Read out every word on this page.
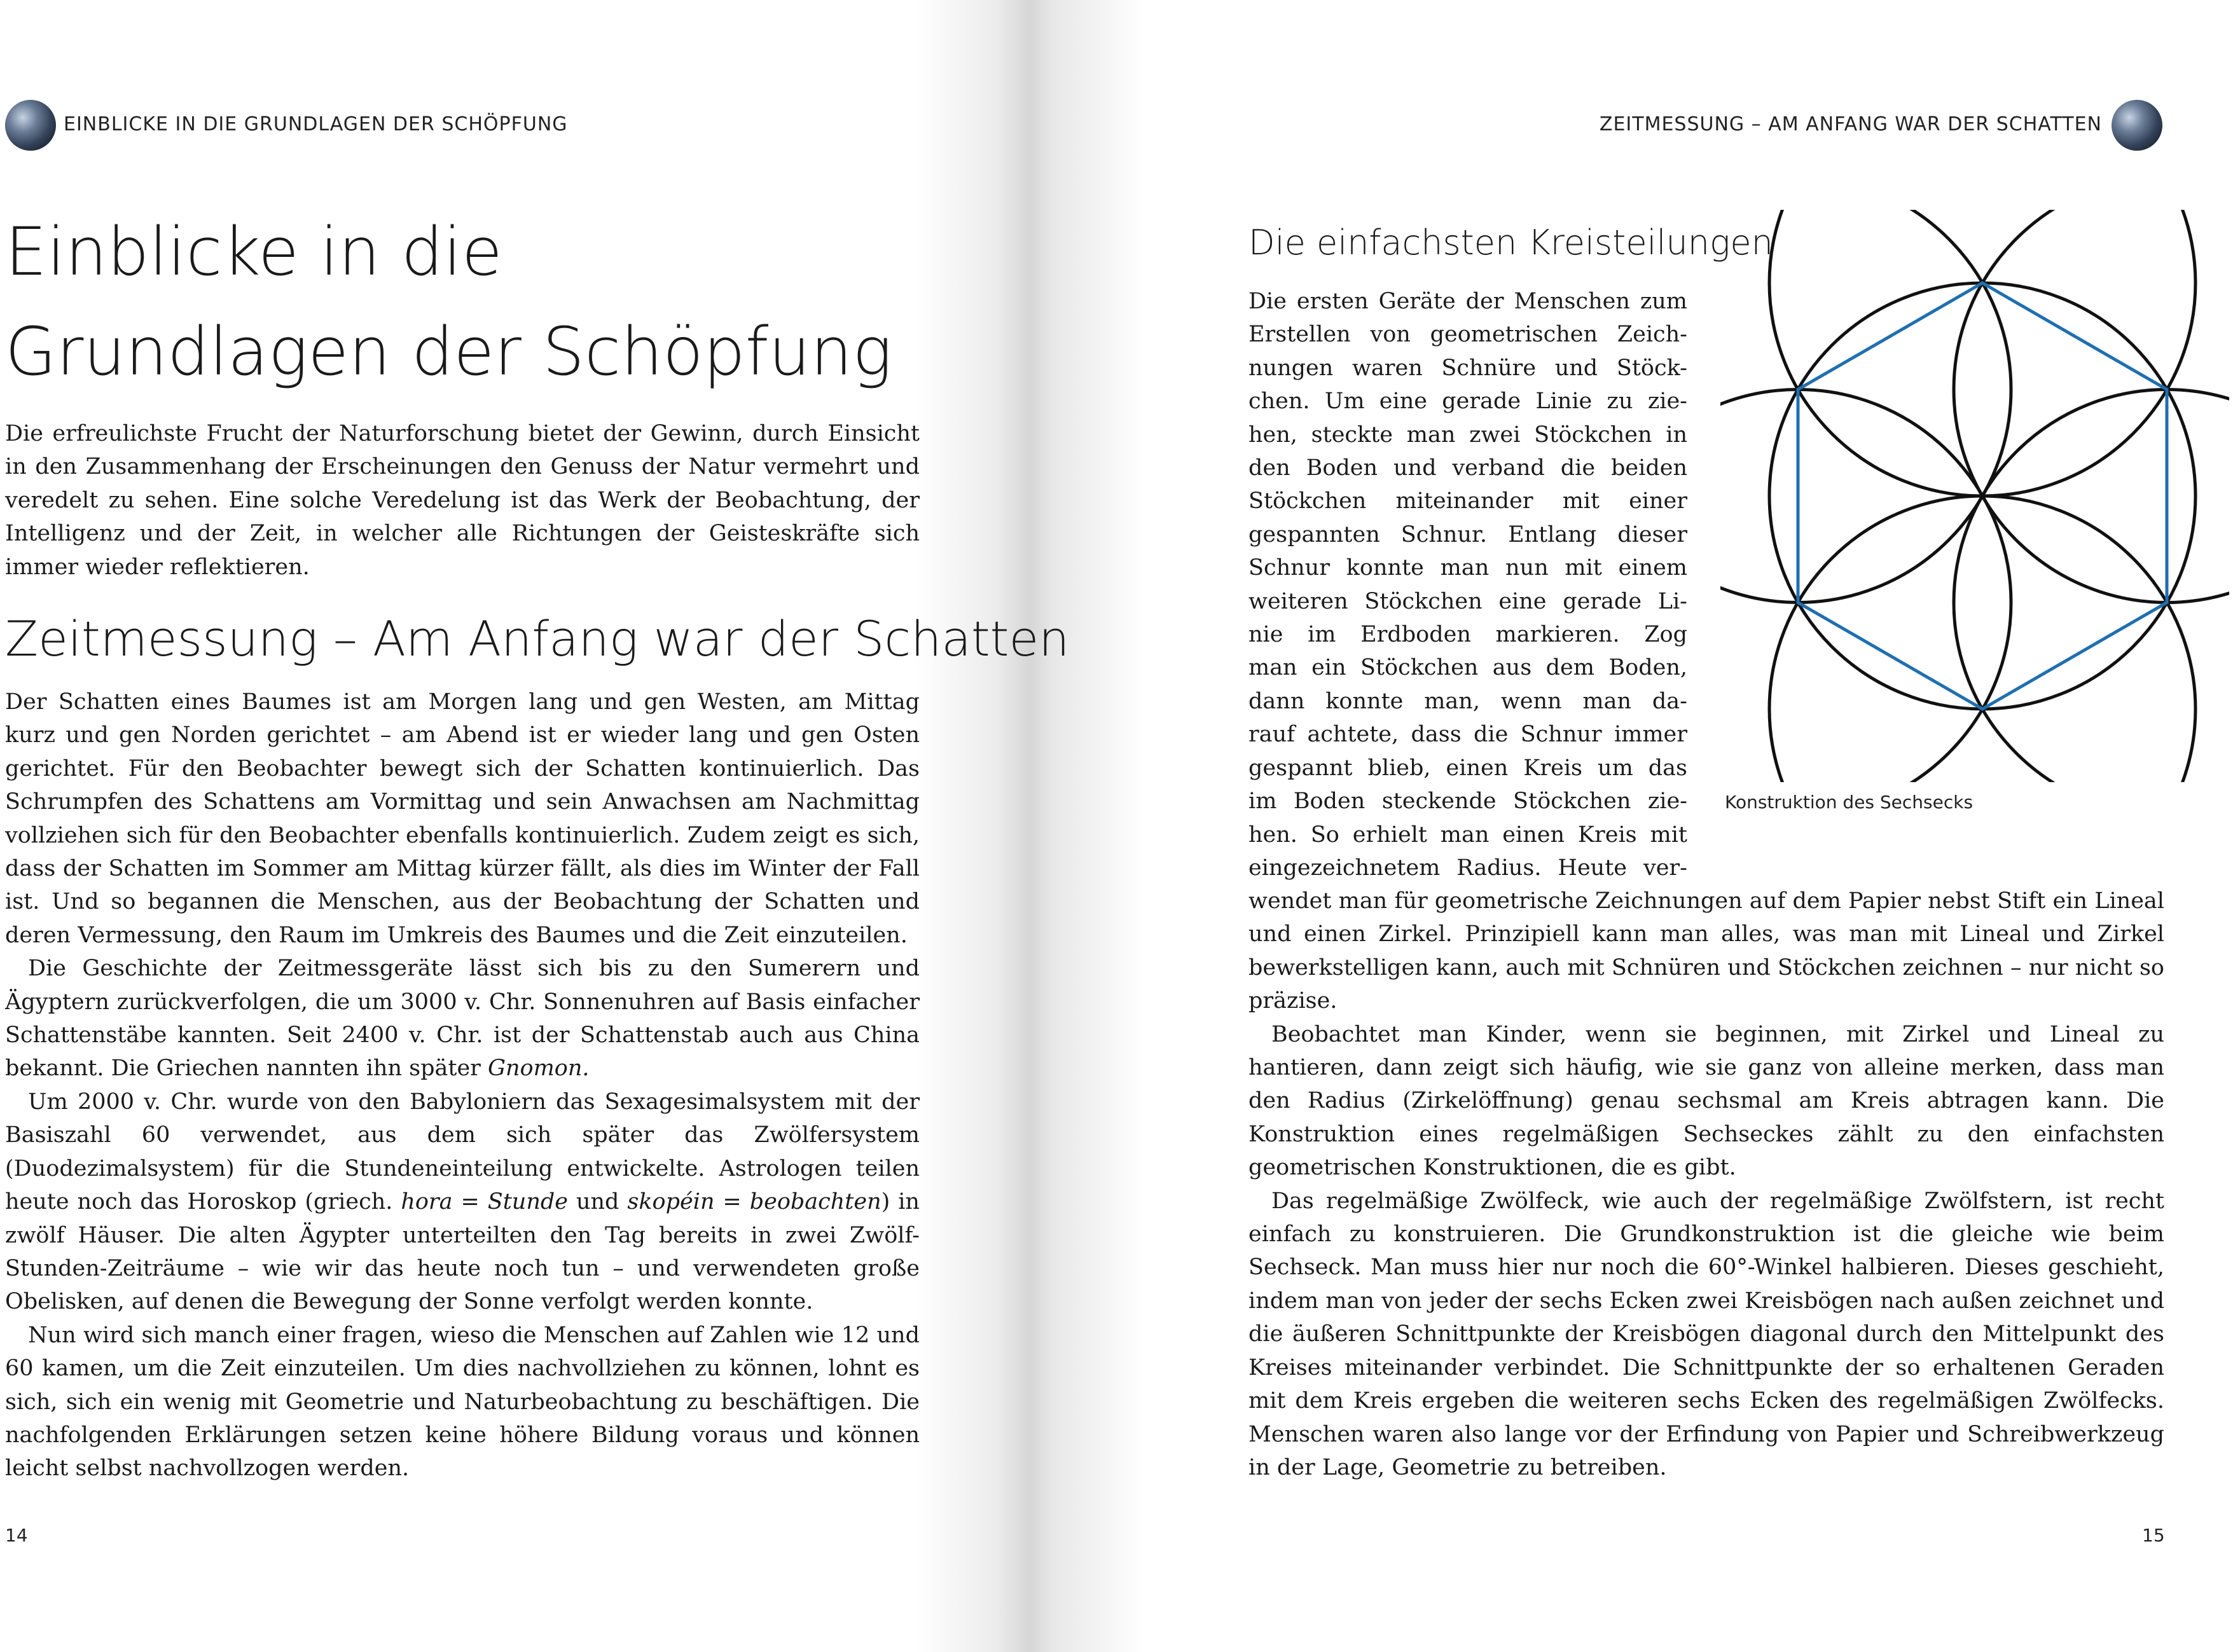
EINBLICKE IN DIE GRUNDLAGEN DER SCHÖPFUNG
Einblicke in die Grundlagen der Schöpfung

Die erfreulichste Frucht der Naturforschung bietet der Gewinn, durch Einsicht in den Zusammenhang der Erscheinungen den Genuss der Natur vermehrt und veredelt zu sehen. Eine solche Veredelung ist das Werk der Beobachtung, der Intelligenz und der Zeit, in welcher alle Richtungen der Geisteskräfte sich immer wieder reflektieren.

Zeitmessung – Am Anfang war der Schatten

Der Schatten eines Baumes ist am Morgen lang und gen Westen, am Mittag kurz und gen Norden gerichtet – am Abend ist er wieder lang und gen Osten gerichtet. Für den Beobachter bewegt sich der Schatten kontinuierlich. Das Schrumpfen des Schattens am Vormittag und sein Anwachsen am Nachmittag vollziehen sich für den Beobachter ebenfalls kontinuierlich. Zudem zeigt es sich, dass der Schatten im Sommer am Mittag kürzer fällt, als dies im Winter der Fall ist. Und so begannen die Menschen, aus der Beobachtung der Schatten und deren Vermessung, den Raum im Umkreis des Baumes und die Zeit einzuteilen.

Die Geschichte der Zeitmessgeräte lässt sich bis zu den Sumerern und Ägyptern zurückverfolgen, die um 3000 v. Chr. Sonnenuhren auf Basis einfacher Schattenstäbe kannten. Seit 2400 v. Chr. ist der Schattenstab auch aus China bekannt. Die Griechen nannten ihn später Gnomon.

Um 2000 v. Chr. wurde von den Babyloniern das Sexagesimalsystem mit der Basiszahl 60 verwendet, aus dem sich später das Zwölfersystem (Duodezimalsystem) für die Stundeneinteilung entwickelte. Astrologen teilen heute noch das Horoskop (griech. hora = Stunde und skopéin = beobachten) in zwölf Häuser. Die alten Ägypter unterteilten den Tag bereits in zwei Zwölf-Stunden-Zeiträume – wie wir das heute noch tun – und verwendeten große Obelisken, auf denen die Bewegung der Sonne verfolgt werden konnte.

Nun wird sich manch einer fragen, wieso die Menschen auf Zahlen wie 12 und 60 kamen, um die Zeit einzuteilen. Um dies nachvollziehen zu können, lohnt es sich, sich ein wenig mit Geometrie und Naturbeobachtung zu beschäftigen. Die nachfolgenden Erklärungen setzen keine höhere Bildung voraus und können leicht selbst nachvollzogen werden.

14
ZEITMESSUNG – AM ANFANG WAR DER SCHATTEN
Die einfachsten Kreisteilungen

Die ersten Geräte der Menschen zum
Erstellen von geometrischen Zeich-
nungen waren Schnüre und Stöck-
chen. Um eine gerade Linie zu zie-
hen, steckte man zwei Stöckchen in
den Boden und verband die beiden
Stöckchen miteinander mit einer
gespannten Schnur. Entlang dieser
Schnur konnte man nun mit einem
weiteren Stöckchen eine gerade Li-
nie im Erdboden markieren. Zog
man ein Stöckchen aus dem Boden,
dann konnte man, wenn man da-
rauf achtete, dass die Schnur immer
gespannt blieb, einen Kreis um das
im Boden steckende Stöckchen zie-
hen. So erhielt man einen Kreis mit
eingezeichnetem Radius. Heute ver-

wendet man für geometrische Zeichnungen auf dem Papier nebst Stift ein Lineal und einen Zirkel. Prinzipiell kann man alles, was man mit Lineal und Zirkel bewerkstelligen kann, auch mit Schnüren und Stöckchen zeichnen – nur nicht so präzise.

Beobachtet man Kinder, wenn sie beginnen, mit Zirkel und Lineal zu hantieren, dann zeigt sich häufig, wie sie ganz von alleine merken, dass man den Radius (Zirkelöffnung) genau sechsmal am Kreis abtragen kann. Die Konstruktion eines regelmäßigen Sechseckes zählt zu den einfachsten geometrischen Konstruktionen, die es gibt.

Das regelmäßige Zwölfeck, wie auch der regelmäßige Zwölfstern, ist recht einfach zu konstruieren. Die Grundkonstruktion ist die gleiche wie beim Sechseck. Man muss hier nur noch die 60°-Winkel halbieren. Dieses geschieht, indem man von jeder der sechs Ecken zwei Kreisbögen nach außen zeichnet und die äußeren Schnittpunkte der Kreisbögen diagonal durch den Mittelpunkt des Kreises miteinander verbindet. Die Schnittpunkte der so erhaltenen Geraden mit dem Kreis ergeben die weiteren sechs Ecken des regelmäßigen Zwölfecks. Menschen waren also lange vor der Erfindung von Papier und Schreibwerkzeug in der Lage, Geometrie zu betreiben.

Konstruktion des Sechsecks
15
